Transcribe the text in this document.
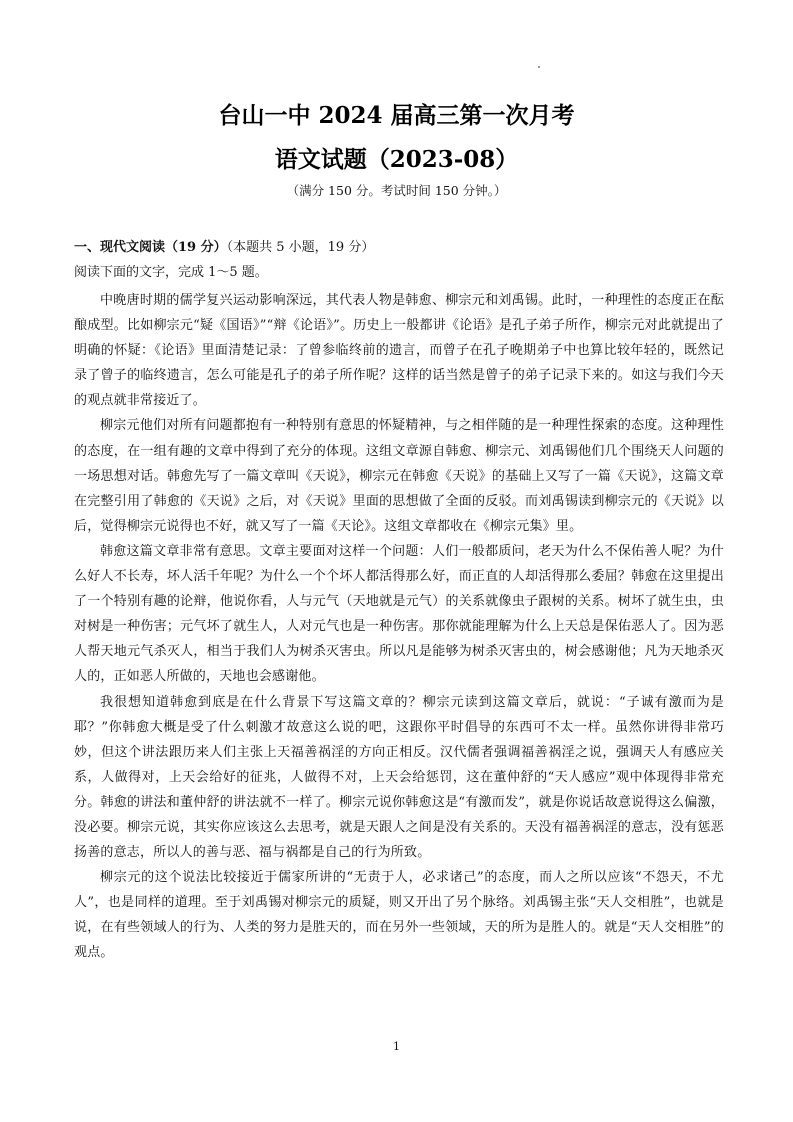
台山一中 2024 届高三第一次月考
语文试题（2023-08）
（满分 150 分。考试时间 150 分钟。）
一、现代文阅读（19 分）（本题共 5 小题，19 分）
阅读下面的文字，完成 1～5 题。

中晚唐时期的儒学复兴运动影响深远，其代表人物是韩愈、柳宗元和刘禹锡。此时，一种理性的态度正在酝酿成型。比如柳宗元“疑《国语》”“辩《论语》”。历史上一般都讲《论语》是孔子弟子所作，柳宗元对此就提出了明确的怀疑：《论语》里面清楚记录：了曾参临终前的遗言，而曾子在孔子晚期弟子中也算比较年轻的，既然记录了曾子的临终遗言，怎么可能是孔子的弟子所作呢？这样的话当然是曾子的弟子记录下来的。如这与我们今天的观点就非常接近了。

柳宗元他们对所有问题都抱有一种特别有意思的怀疑精神，与之相伴随的是一种理性探索的态度。这种理性的态度，在一组有趣的文章中得到了充分的体现。这组文章源自韩愈、柳宗元、刘禹锡他们几个围绕天人问题的一场思想对话。韩愈先写了一篇文章叫《天说》，柳宗元在韩愈《天说》的基础上又写了一篇《天说》，这篇文章在完整引用了韩愈的《天说》之后，对《天说》里面的思想做了全面的反驳。而刘禹锡读到柳宗元的《天说》以后，觉得柳宗元说得也不好，就又写了一篇《天论》。这组文章都收在《柳宗元集》里。

韩愈这篇文章非常有意思。文章主要面对这样一个问题：人们一般都质问，老天为什么不保佑善人呢？为什么好人不长寿，坏人活千年呢？为什么一个个坏人都活得那么好，而正直的人却活得那么委屈？韩愈在这里提出了一个特别有趣的论辩，他说你看，人与元气（天地就是元气）的关系就像虫子跟树的关系。树坏了就生虫，虫对树是一种伤害；元气坏了就生人，人对元气也是一种伤害。那你就能理解为什么上天总是保佑恶人了。因为恶人帮天地元气杀灭人，相当于我们人为树杀灭害虫。所以凡是能够为树杀灭害虫的，树会感谢他；凡为天地杀灭人的，正如恶人所做的，天地也会感谢他。

我很想知道韩愈到底是在什么背景下写这篇文章的？柳宗元读到这篇文章后，就说：“子诚有激而为是耶？”你韩愈大概是受了什么刺激才故意这么说的吧，这跟你平时倡导的东西可不太一样。虽然你讲得非常巧妙，但这个讲法跟历来人们主张上天福善祸淫的方向正相反。汉代儒者强调福善祸淫之说，强调天人有感应关系，人做得对，上天会给好的征兆，人做得不对，上天会给惩罚，这在董仲舒的“天人感应”观中体现得非常充分。韩愈的讲法和董仲舒的讲法就不一样了。柳宗元说你韩愈这是“有激而发”，就是你说话故意说得这么偏激，没必要。柳宗元说，其实你应该这么去思考，就是天跟人之间是没有关系的。天没有福善祸淫的意志，没有惩恶扬善的意志，所以人的善与恶、福与祸都是自己的行为所致。

柳宗元的这个说法比较接近于儒家所讲的“无责于人，必求诸己”的态度，而人之所以应该“不怨天，不尤人”，也是同样的道理。至于刘禹锡对柳宗元的质疑，则又开出了另个脉络。刘禹锡主张“天人交相胜”，也就是说，在有些领域人的行为、人类的努力是胜天的，而在另外一些领域，天的所为是胜人的。就是“天人交相胜”的观点。

1
